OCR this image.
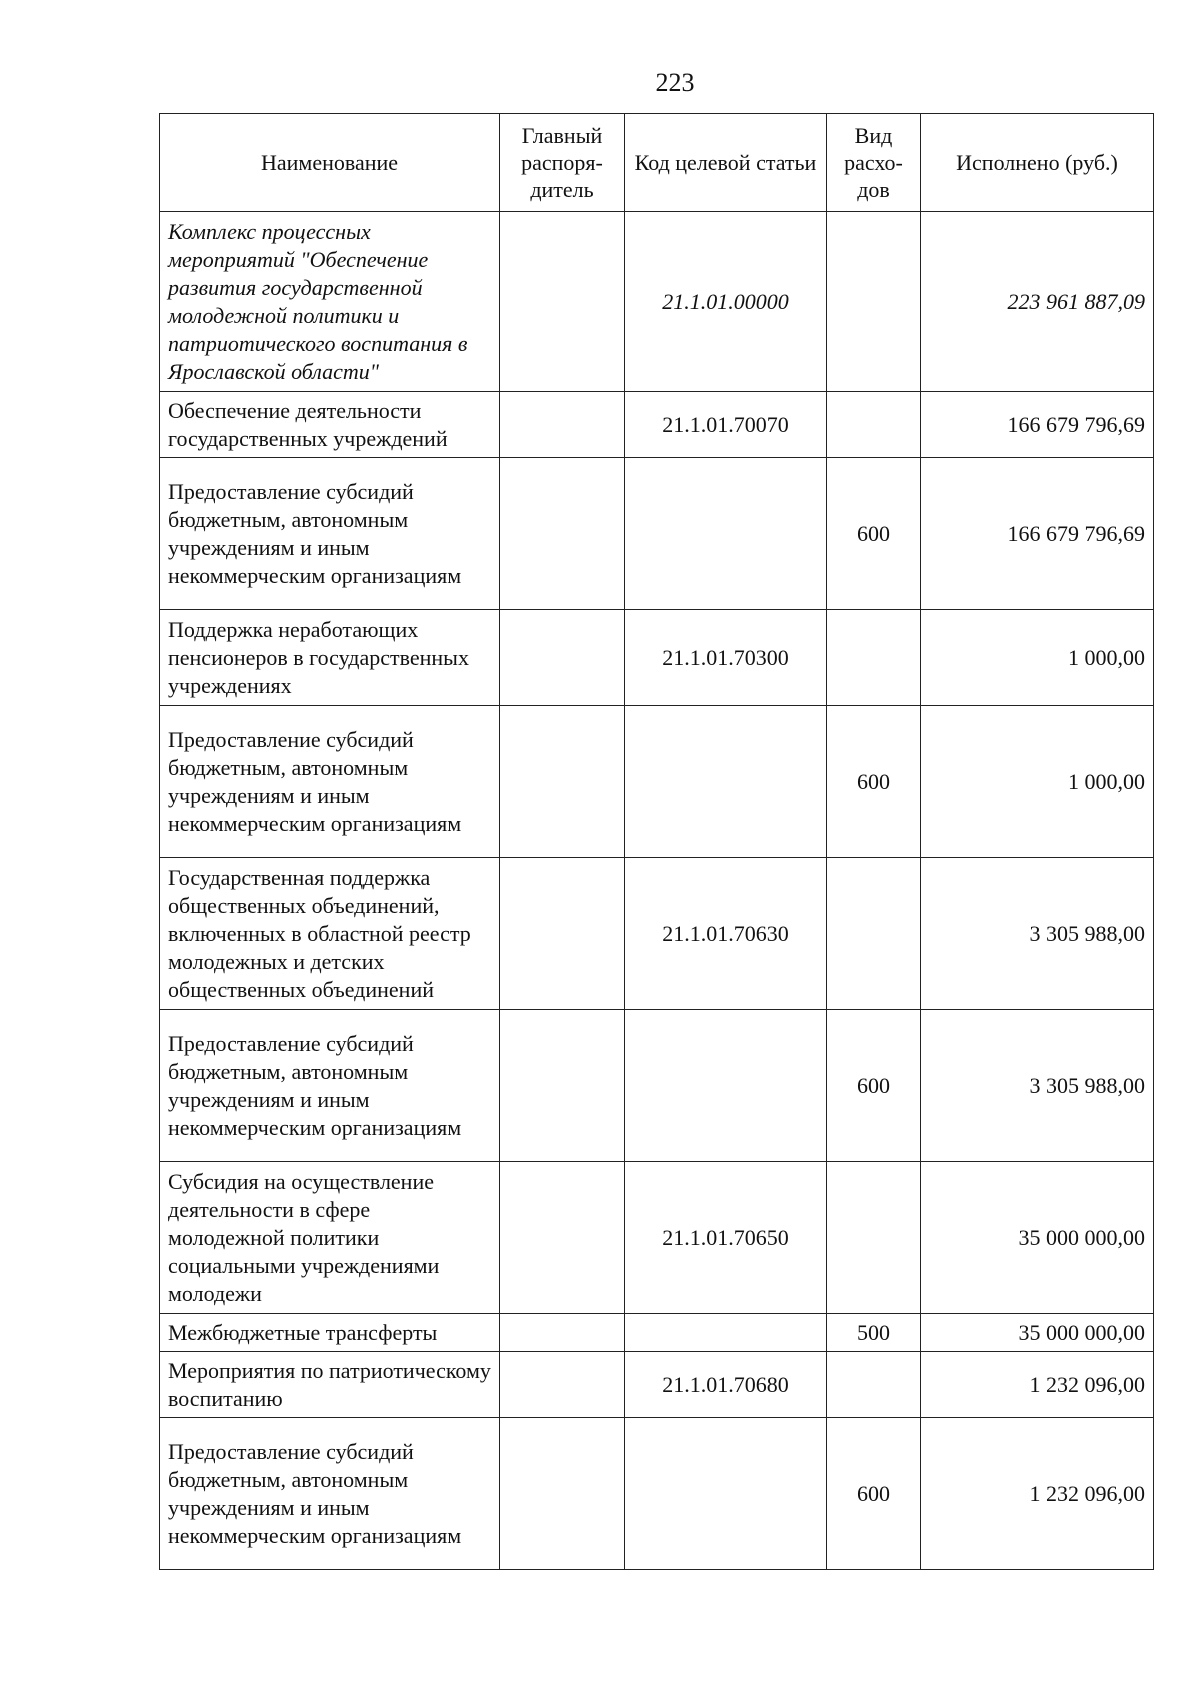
223
Наименование	Главный распоря-дитель	Код целевой статьи	Вид расхо-дов	Исполнено (руб.)
Комплекс процессных мероприятий "Обеспечение развития государственной молодежной политики и патриотического воспитания в Ярославской области"		21.1.01.00000		223 961 887,09
Обеспечение деятельности государственных учреждений		21.1.01.70070		166 679 796,69
Предоставление субсидий бюджетным, автономным учреждениям и иным некоммерческим организациям			600	166 679 796,69
Поддержка неработающих пенсионеров в государственных учреждениях		21.1.01.70300		1 000,00
Предоставление субсидий бюджетным, автономным учреждениям и иным некоммерческим организациям			600	1 000,00
Государственная поддержка общественных объединений, включенных в областной реестр молодежных и детских общественных объединений		21.1.01.70630		3 305 988,00
Предоставление субсидий бюджетным, автономным учреждениям и иным некоммерческим организациям			600	3 305 988,00
Субсидия на осуществление деятельности в сфере молодежной политики социальными учреждениями молодежи		21.1.01.70650		35 000 000,00
Межбюджетные трансферты			500	35 000 000,00
Мероприятия по патриотическому воспитанию		21.1.01.70680		1 232 096,00
Предоставление субсидий бюджетным, автономным учреждениям и иным некоммерческим организациям			600	1 232 096,00
